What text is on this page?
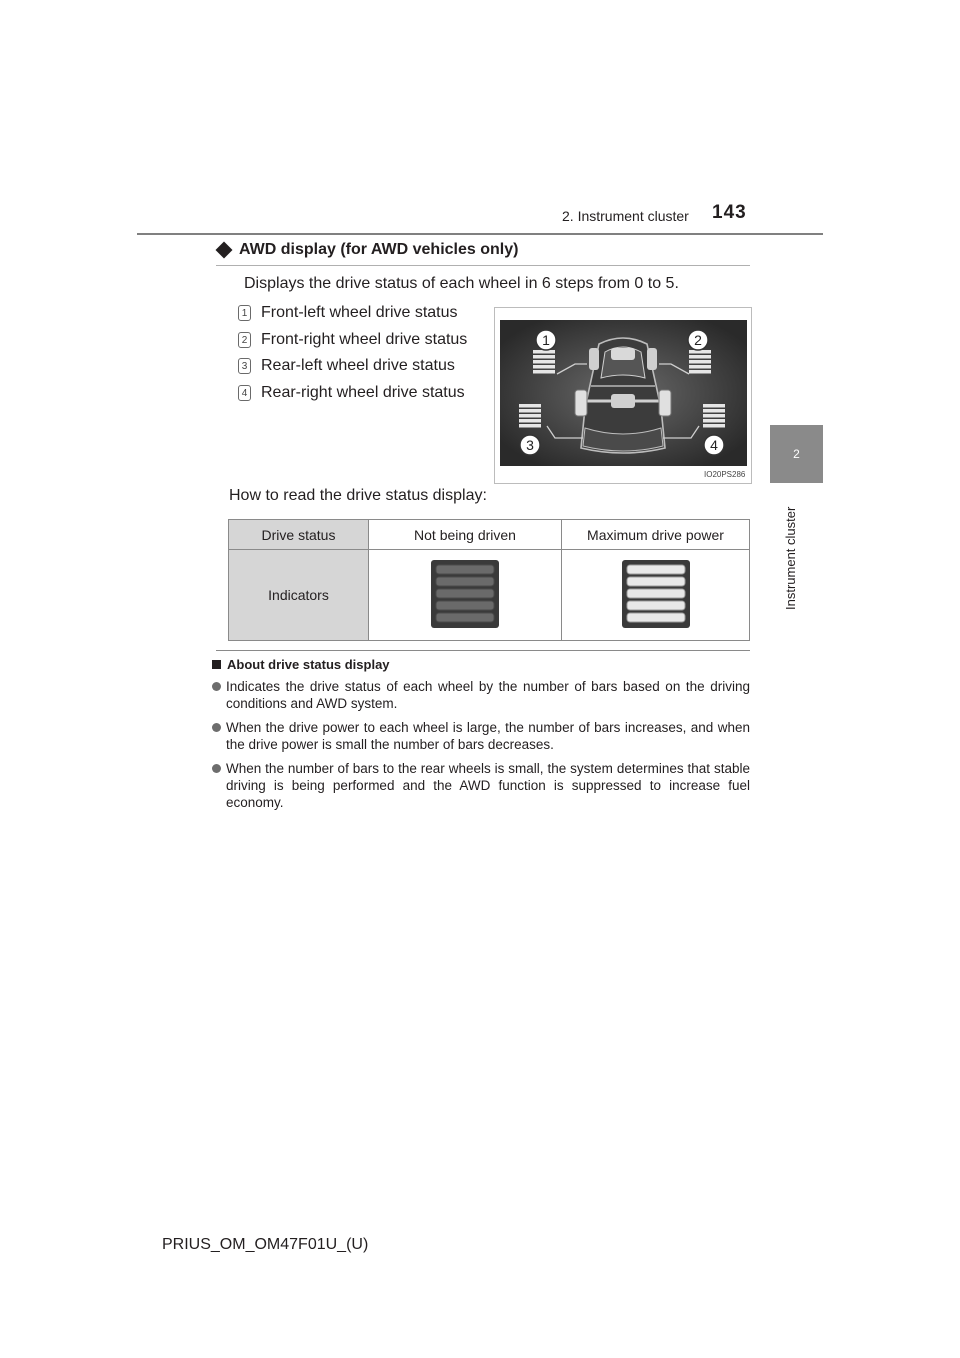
2. Instrument cluster 143
2
Instrument cluster
AWD display (for AWD vehicles only)
Displays the drive status of each wheel in 6 steps from 0 to 5.
1 Front-left wheel drive status
2 Front-right wheel drive status
3 Rear-left wheel drive status
4 Rear-right wheel drive status
1	2
3	4
IO20PS286
How to read the drive status display:
Drive status	Not being driven	Maximum drive power
Indicators		
About drive status display
Indicates the drive status of each wheel by the number of bars based on the driving conditions and AWD system.
When the drive power to each wheel is large, the number of bars increases, and when the drive power is small the number of bars decreases.
When the number of bars to the rear wheels is small, the system determines that stable driving is being performed and the AWD function is suppressed to increase fuel economy.
PRIUS_OM_OM47F01U_(U)
